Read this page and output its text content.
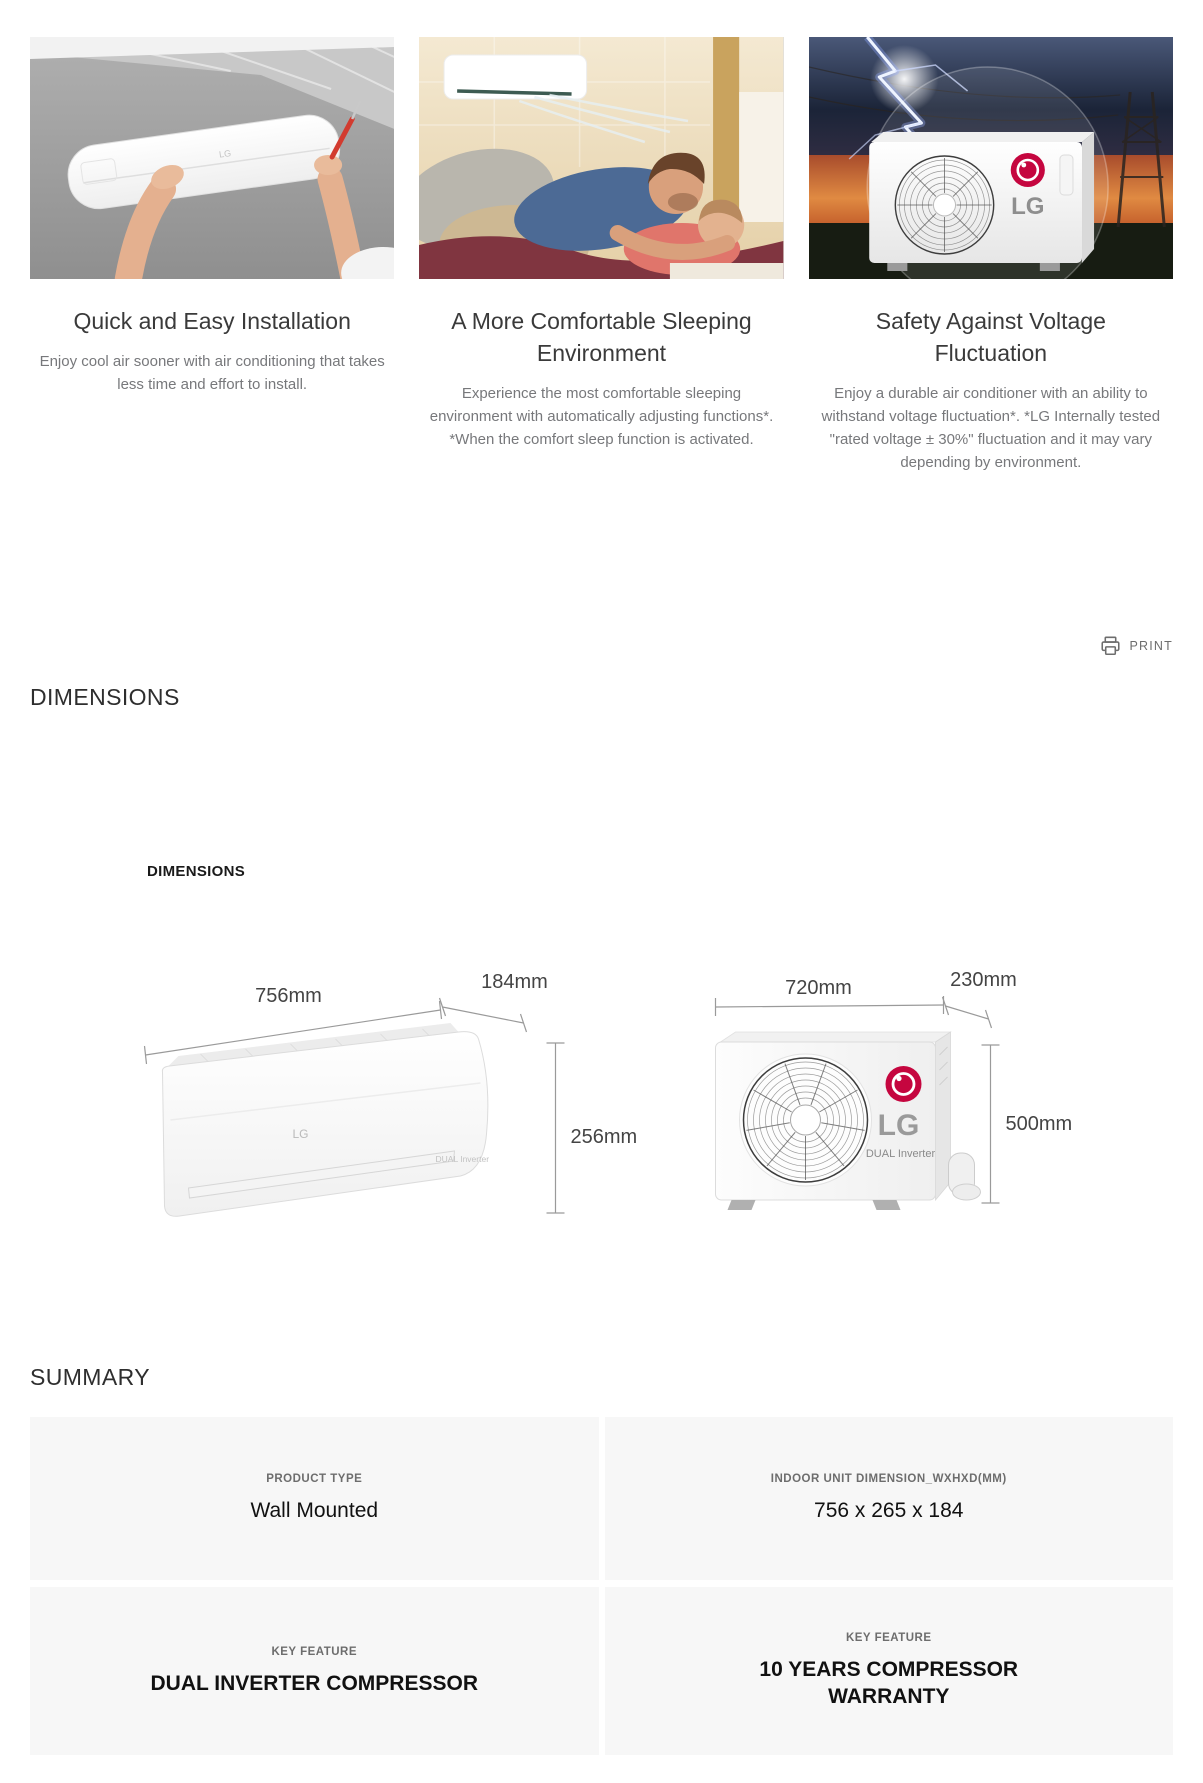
LG
Quick and Easy Installation
Enjoy cool air sooner with air conditioning that takes less time and effort to install.
A More Comfortable Sleeping Environment
Experience the most comfortable sleeping environment with automatically adjusting functions*. *When the comfort sleep function is activated.
LG
Safety Against Voltage Fluctuation
Enjoy a durable air conditioner with an ability to withstand voltage fluctuation*. *LG Internally tested "rated voltage ± 30%" fluctuation and it may vary depending by environment.
PRINT
DIMENSIONS
DIMENSIONS
LG
DUAL Inverter
756mm
184mm
256mm	LG
DUAL Inverter
720mm	230mm
500mm
SUMMARY
PRODUCT TYPE
Wall Mounted
INDOOR UNIT DIMENSION_WXHXD(MM)
756 x 265 x 184
KEY FEATURE
DUAL INVERTER COMPRESSOR
KEY FEATURE
10 YEARS COMPRESSOR WARRANTY
